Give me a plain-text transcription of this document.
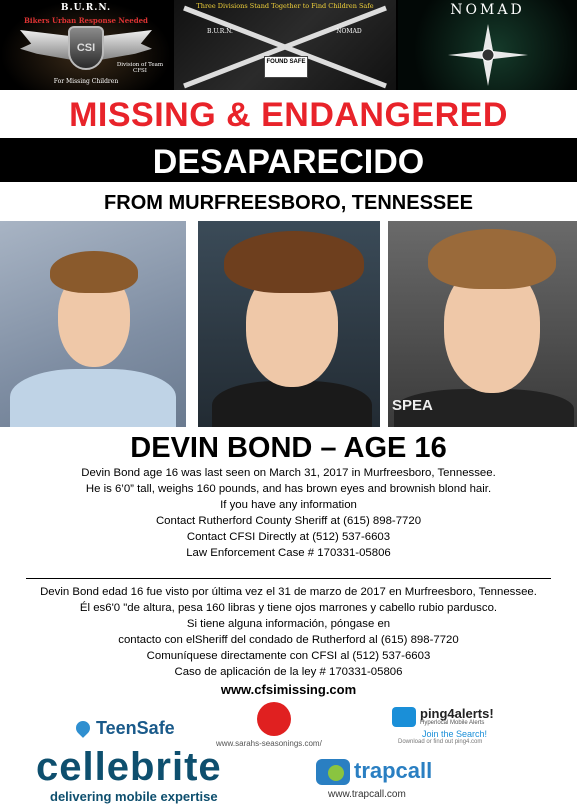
B.U.R.N.
Bikers Urban Response Needed
CSI
Division of Team CFSI
For Missing Children
Three Divisions Stand Together to Find Children Safe
B.U.R.N.	NOMAD
FOUND SAFE
NOMAD
MISSING & ENDANGERED
DESAPARECIDO
FROM MURFREESBORO, TENNESSEE
SPEA
DEVIN BOND – AGE 16
Devin Bond age 16 was last seen on March 31, 2017 in Murfreesboro, Tennessee.
He is 6’0” tall, weighs 160 pounds, and has brown eyes and brownish blond hair.
If you have any information
Contact Rutherford County Sheriff at (615) 898-7720
Contact CFSI Directly at (512) 537-6603
Law Enforcement Case # 170331-05806
Devin Bond edad 16 fue visto por última vez el 31 de marzo de 2017 en Murfreesboro, Tennessee.
Él es6'0 "de altura, pesa 160 libras y tiene ojos marrones y cabello rubio pardusco.
Si tiene alguna información, póngase en
contacto con elSheriff del condado de Rutherford al (615) 898-7720
Comuníquese directamente con CFSI al (512) 537-6603
Caso de aplicación de la ley # 170331-05806
www.cfsimissing.com
TeenSafe
www.sarahs-seasonings.com/
ping4alerts!
Hyperlocal Mobile Alerts
Join the Search!
Download or find out ping4.com
cellebrite
delivering mobile expertise
trapcall
www.trapcall.com
